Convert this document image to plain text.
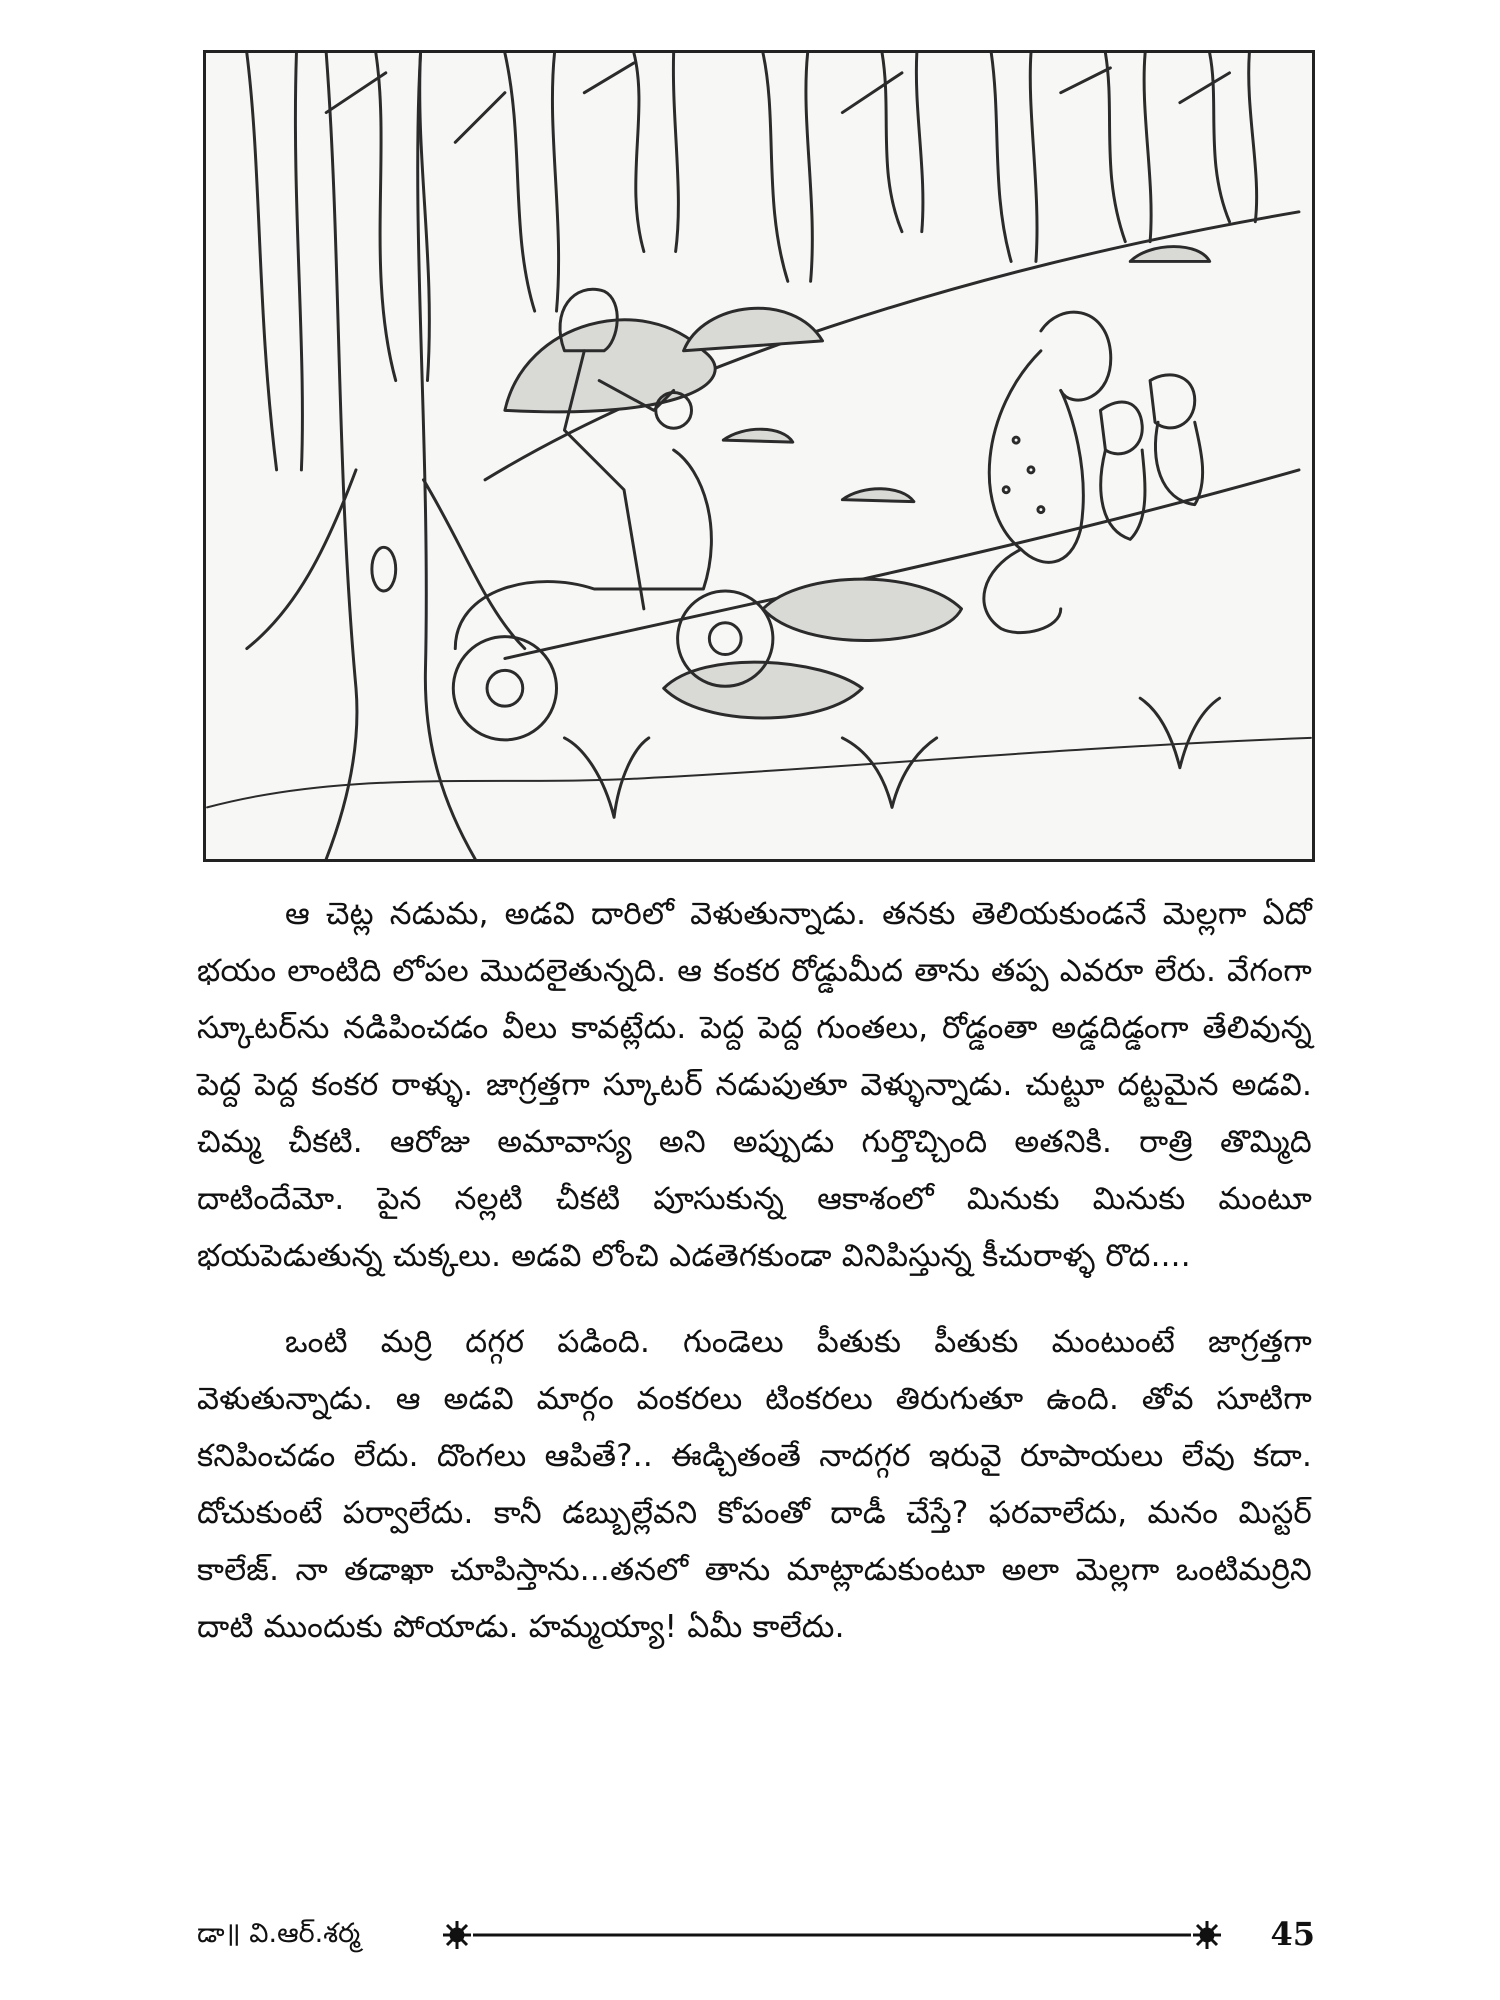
ఆ చెట్ల నడుమ, అడవి దారిలో వెళుతున్నాడు. తనకు తెలియకుండనే మెల్లగా ఏదో భయం లాంటిది లోపల మొదలైతున్నది. ఆ కంకర రోడ్డుమీద తాను తప్ప ఎవరూ లేరు. వేగంగా స్కూటర్‌ను నడిపించడం వీలు కావట్లేదు. పెద్ద పెద్ద గుంతలు, రోడ్డంతా అడ్డదిడ్డంగా తేలివున్న పెద్ద పెద్ద కంకర రాళ్ళు. జాగ్రత్తగా స్కూటర్ నడుపుతూ వెళ్ళున్నాడు. చుట్టూ దట్టమైన అడవి. చిమ్మ చీకటి. ఆరోజు అమావాస్య అని అప్పుడు గుర్తొచ్చింది అతనికి. రాత్రి తొమ్మిది దాటిందేమో. పైన నల్లటి చీకటి పూసుకున్న ఆకాశంలో మినుకు మినుకు మంటూ భయపెడుతున్న చుక్కలు. అడవి లోంచి ఎడతెగకుండా వినిపిస్తున్న కీచురాళ్ళ రొద....

ఒంటి మర్రి దగ్గర పడింది. గుండెలు పీతుకు పీతుకు మంటుంటే జాగ్రత్తగా వెళుతున్నాడు. ఆ అడవి మార్గం వంకరలు టింకరలు తిరుగుతూ ఉంది. తోవ సూటిగా కనిపించడం లేదు. దొంగలు ఆపితే?.. ఈడ్చితంతే నాదగ్గర ఇరువై రూపాయలు లేవు కదా. దోచుకుంటే పర్వాలేదు. కానీ డబ్బుల్లేవని కోపంతో దాడీ చేస్తే? ఫరవాలేదు, మనం మిస్టర్ కాలేజ్. నా తడాఖా చూపిస్తాను...తనలో తాను మాట్లాడుకుంటూ అలా మెల్లగా ఒంటిమర్రిని దాటి ముందుకు పోయాడు. హమ్మయ్యా! ఏమీ కాలేదు.

డా॥ వి.ఆర్.శర్మ	45
